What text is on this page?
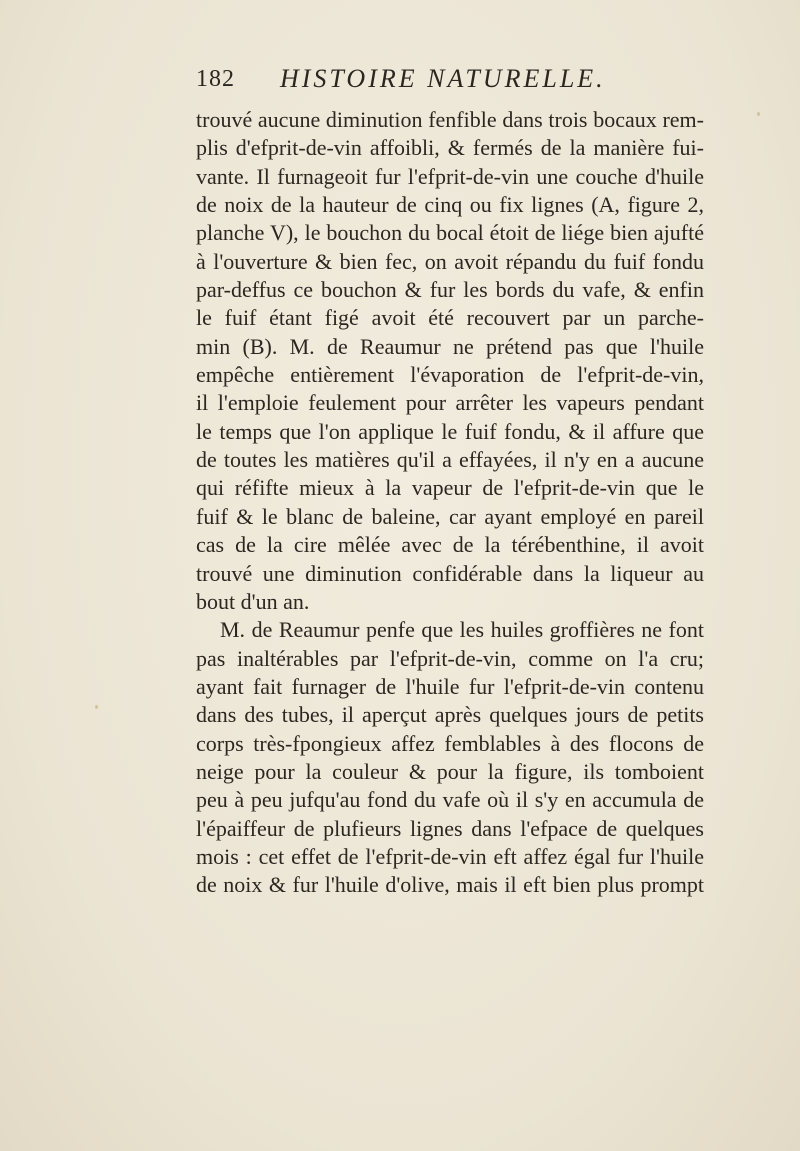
182 HISTOIRE NATURELLE.
trouvé aucune diminution fenfible dans trois bocaux rem-
plis d'efprit-de-vin affoibli, & fermés de la manière fui-
vante. Il furnageoit fur l'efprit-de-vin une couche d'huile
de noix de la hauteur de cinq ou fix lignes (A, figure 2,
planche V), le bouchon du bocal étoit de liége bien ajufté
à l'ouverture & bien fec, on avoit répandu du fuif fondu
par-deffus ce bouchon & fur les bords du vafe, & enfin
le fuif étant figé avoit été recouvert par un parche-
min (B). M. de Reaumur ne prétend pas que l'huile
empêche entièrement l'évaporation de l'efprit-de-vin,
il l'emploie feulement pour arrêter les vapeurs pendant
le temps que l'on applique le fuif fondu, & il affure que
de toutes les matières qu'il a effayées, il n'y en a aucune
qui réfifte mieux à la vapeur de l'efprit-de-vin que le
fuif & le blanc de baleine, car ayant employé en pareil
cas de la cire mêlée avec de la térébenthine, il avoit
trouvé une diminution confidérable dans la liqueur au
bout d'un an.
M. de Reaumur penfe que les huiles groffières ne font
pas inaltérables par l'efprit-de-vin, comme on l'a cru;
ayant fait furnager de l'huile fur l'efprit-de-vin contenu
dans des tubes, il aperçut après quelques jours de petits
corps très-fpongieux affez femblables à des flocons de
neige pour la couleur & pour la figure, ils tomboient
peu à peu jufqu'au fond du vafe où il s'y en accumula de
l'épaiffeur de plufieurs lignes dans l'efpace de quelques
mois : cet effet de l'efprit-de-vin eft affez égal fur l'huile
de noix & fur l'huile d'olive, mais il eft bien plus prompt
